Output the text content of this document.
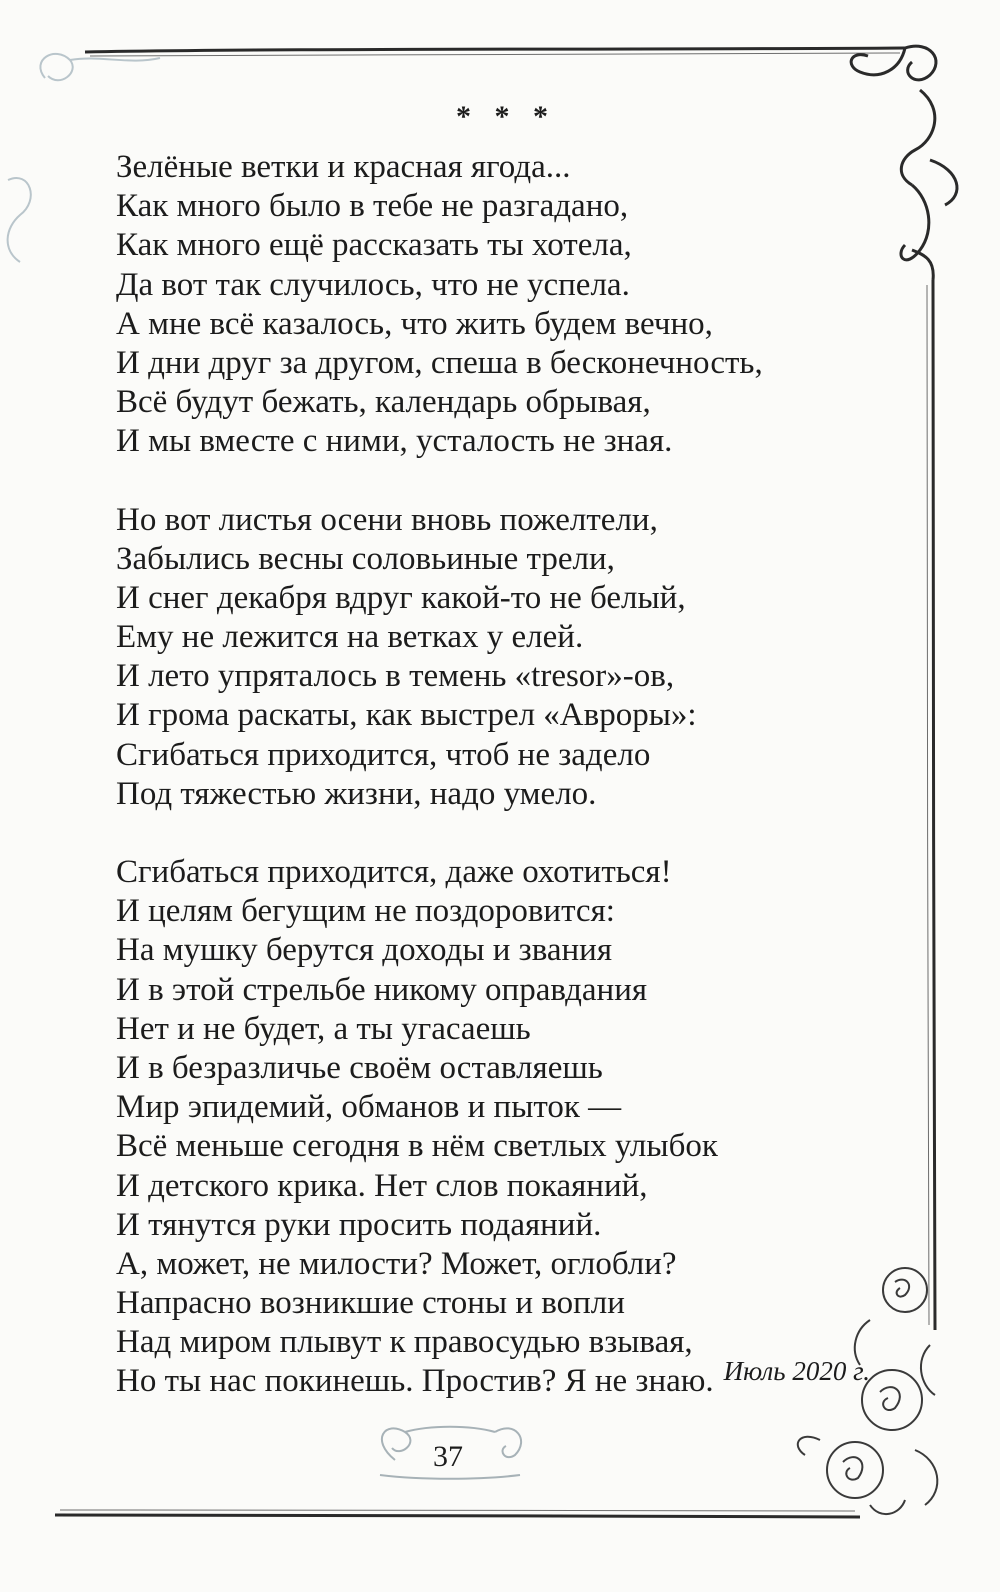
* * *
Зелёные ветки и красная ягода...
Как много было в тебе не разгадано,
Как много ещё рассказать ты хотела,
Да вот так случилось, что не успела.
А мне всё казалось, что жить будем вечно,
И дни друг за другом, спеша в бесконечность,
Всё будут бежать, календарь обрывая,
И мы вместе с ними, усталость не зная.
Но вот листья осени вновь пожелтели,
Забылись весны соловьиные трели,
И снег декабря вдруг какой-то не белый,
Ему не лежится на ветках у елей.
И лето упряталось в темень «tresor»-ов,
И грома раскаты, как выстрел «Авроры»:
Сгибаться приходится, чтоб не задело
Под тяжестью жизни, надо умело.
Сгибаться приходится, даже охотиться!
И целям бегущим не поздоровится:
На мушку берутся доходы и звания
И в этой стрельбе никому оправдания
Нет и не будет, а ты угасаешь
И в безразличье своём оставляешь
Мир эпидемий, обманов и пыток —
Всё меньше сегодня в нём светлых улыбок
И детского крика. Нет слов покаяний,
И тянутся руки просить подаяний.
А, может, не милости? Может, оглобли?
Напрасно возникшие стоны и вопли
Над миром плывут к правосудью взывая,
Но ты нас покинешь. Простив? Я не знаю. Июль 2020 г.
37
